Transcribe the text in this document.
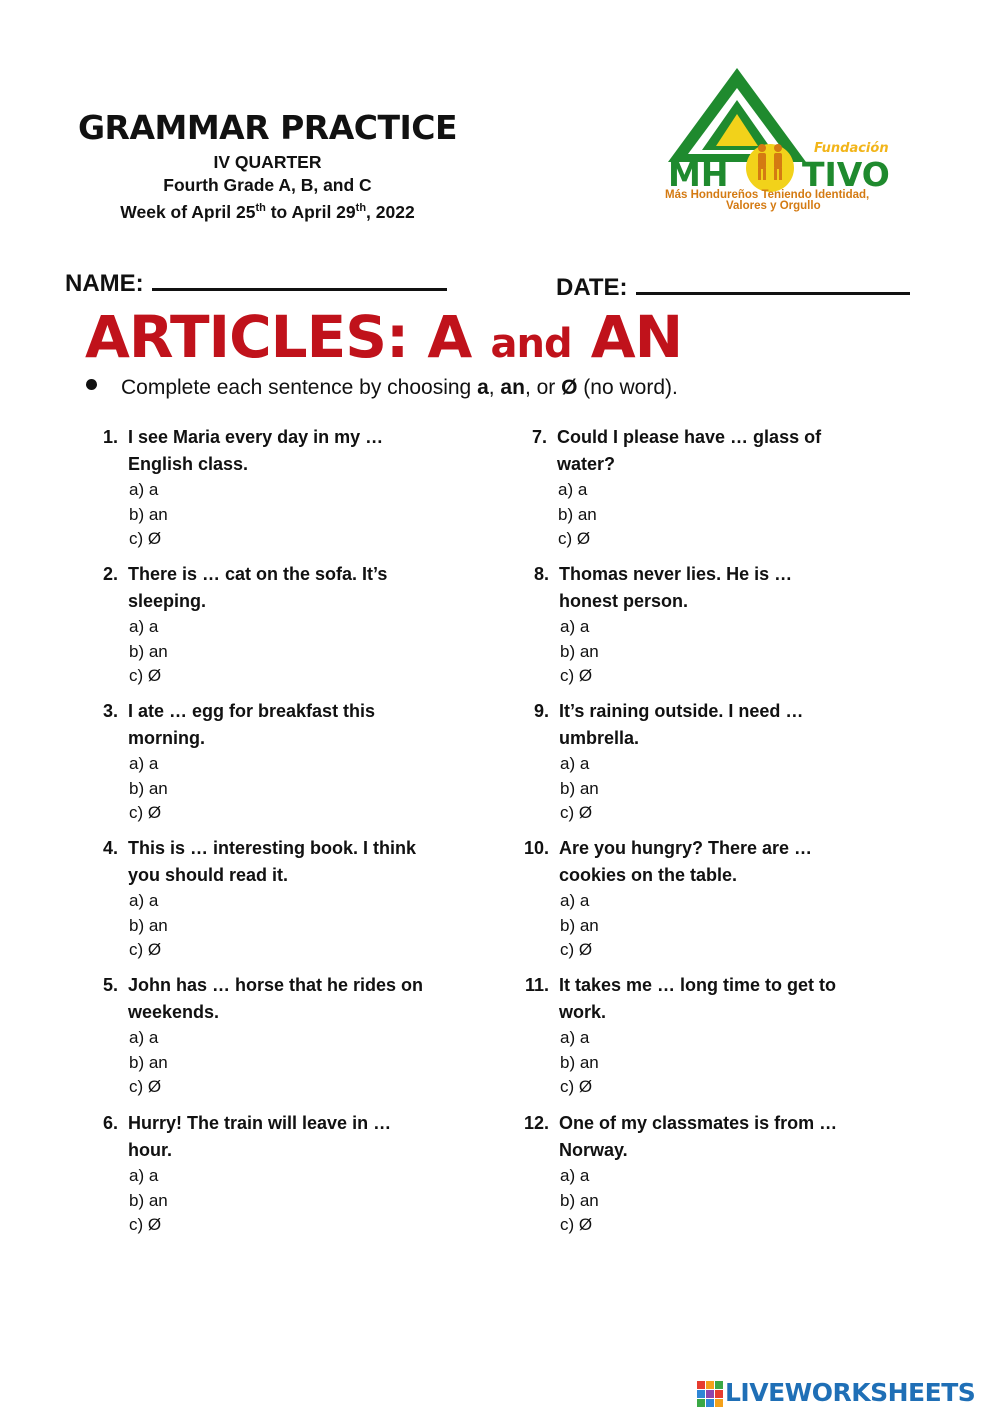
GRAMMAR PRACTICE
IV QUARTER
Fourth Grade A, B, and C
Week of April 25th to April 29th, 2022
MH TIVO
Fundación
Más Hondureños Teniendo Identidad,
Valores y Orgullo
NAME:	DATE:
ARTICLES: A and AN
Complete each sentence by choosing a, an, or Ø (no word).
1. I see Maria every day in my …
English class.
a) a
b) an
c) Ø
2. There is … cat on the sofa. It’s
sleeping.
a) a
b) an
c) Ø
3. I ate … egg for breakfast this
morning.
a) a
b) an
c) Ø
4. This is … interesting book. I think
you should read it.
a) a
b) an
c) Ø
5. John has … horse that he rides on
weekends.
a) a
b) an
c) Ø
6. Hurry! The train will leave in …
hour.
a) a
b) an
c) Ø
7. Could I please have … glass of
water?
a) a
b) an
c) Ø
8. Thomas never lies. He is …
honest person.
a) a
b) an
c) Ø
9. It’s raining outside. I need …
umbrella.
a) a
b) an
c) Ø
10. Are you hungry? There are …
cookies on the table.
a) a
b) an
c) Ø
11. It takes me … long time to get to
work.
a) a
b) an
c) Ø
12. One of my classmates is from …
Norway.
a) a
b) an
c) Ø
LIVEWORKSHEETS
